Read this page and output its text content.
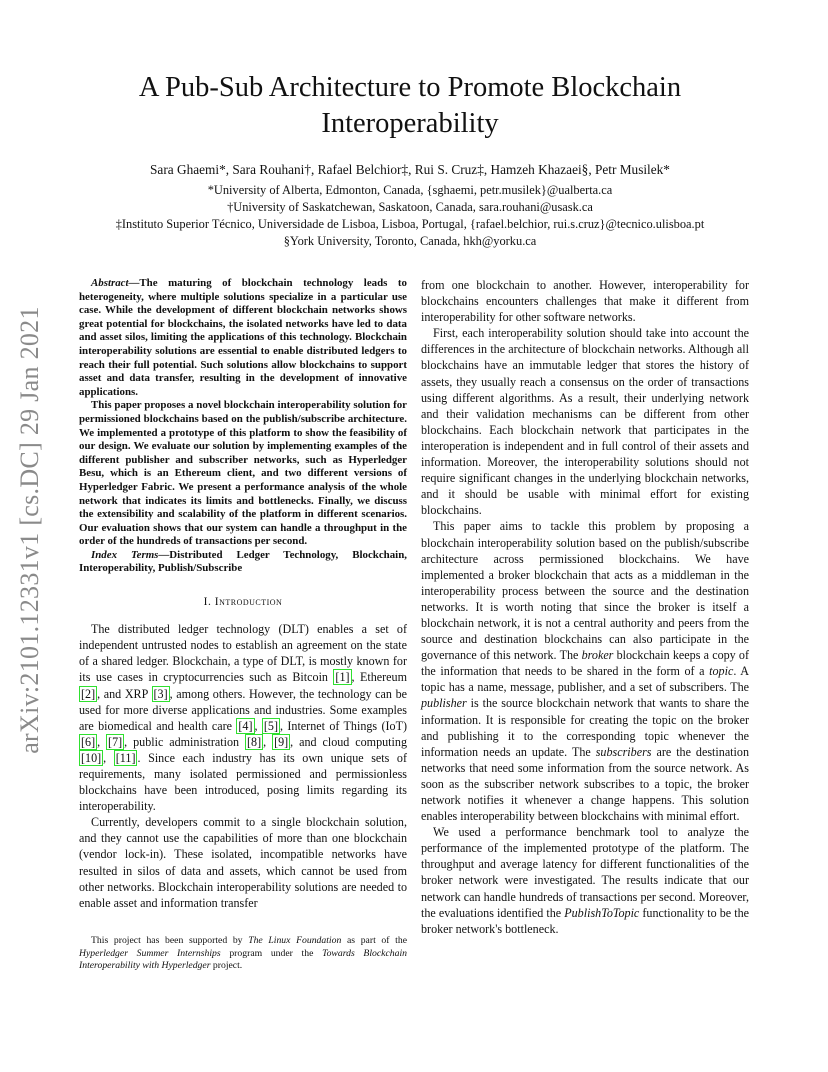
arXiv:2101.12331v1 [cs.DC] 29 Jan 2021
A Pub-Sub Architecture to Promote Blockchain Interoperability
Sara Ghaemi*, Sara Rouhani†, Rafael Belchior‡, Rui S. Cruz‡, Hamzeh Khazaei§, Petr Musilek*
*University of Alberta, Edmonton, Canada, {sghaemi, petr.musilek}@ualberta.ca
†University of Saskatchewan, Saskatoon, Canada, sara.rouhani@usask.ca
‡Instituto Superior Técnico, Universidade de Lisboa, Lisboa, Portugal, {rafael.belchior, rui.s.cruz}@tecnico.ulisboa.pt
§York University, Toronto, Canada, hkh@yorku.ca

Abstract—The maturing of blockchain technology leads to heterogeneity, where multiple solutions specialize in a particular use case. While the development of different blockchain networks shows great potential for blockchains, the isolated networks have led to data and asset silos, limiting the applications of this technology. Blockchain interoperability solutions are essential to enable distributed ledgers to reach their full potential. Such solutions allow blockchains to support asset and data transfer, resulting in the development of innovative applications.

This paper proposes a novel blockchain interoperability solution for permissioned blockchains based on the publish/subscribe architecture. We implemented a prototype of this platform to show the feasibility of our design. We evaluate our solution by implementing examples of the different publisher and subscriber networks, such as Hyperledger Besu, which is an Ethereum client, and two different versions of Hyperledger Fabric. We present a performance analysis of the whole network that indicates its limits and bottlenecks. Finally, we discuss the extensibility and scalability of the platform in different scenarios. Our evaluation shows that our system can handle a throughput in the order of the hundreds of transactions per second.

Index Terms—Distributed Ledger Technology, Blockchain, Interoperability, Publish/Subscribe

I. Introduction

The distributed ledger technology (DLT) enables a set of independent untrusted nodes to establish an agreement on the state of a shared ledger. Blockchain, a type of DLT, is mostly known for its use cases in cryptocurrencies such as Bitcoin [1] , Ethereum [2] , and XRP [3] , among others. However, the technology can be used for more diverse applications and industries. Some examples are biomedical and health care [4] , [5] , Internet of Things (IoT) [6] , [7] , public administration [8] , [9] , and cloud computing [10] , [11] . Since each industry has its own unique sets of requirements, many isolated permissioned and permissionless blockchains have been introduced, posing limits regarding its interoperability.

Currently, developers commit to a single blockchain solution, and they cannot use the capabilities of more than one blockchain (vendor lock-in). These isolated, incompatible networks have resulted in silos of data and assets, which cannot be used from other networks. Blockchain interoperability solutions are needed to enable asset and information transfer

This project has been supported by The Linux Foundation as part of the Hyperledger Summer Internships program under the Towards Blockchain Interoperability with Hyperledger project.

from one blockchain to another. However, interoperability for blockchains encounters challenges that make it different from interoperability for other software networks.

First, each interoperability solution should take into account the differences in the architecture of blockchain networks. Although all blockchains have an immutable ledger that stores the history of assets, they usually reach a consensus on the order of transactions using different algorithms. As a result, their underlying network and their validation mechanisms can be different from other blockchains. Each blockchain network that participates in the interoperation is independent and in full control of their assets and information. Moreover, the interoperability solutions should not require significant changes in the underlying blockchain networks, and it should be usable with minimal effort for existing blockchains.

This paper aims to tackle this problem by proposing a blockchain interoperability solution based on the publish/subscribe architecture across permissioned blockchains. We have implemented a broker blockchain that acts as a middleman in the interoperability process between the source and the destination networks. It is worth noting that since the broker is itself a blockchain network, it is not a central authority and peers from the source and destination blockchains can also participate in the governance of this network. The broker blockchain keeps a copy of the information that needs to be shared in the form of a topic. A topic has a name, message, publisher, and a set of subscribers. The publisher is the source blockchain network that wants to share the information. It is responsible for creating the topic on the broker and publishing it to the corresponding topic whenever the information needs an update. The subscribers are the destination networks that need some information from the source network. As soon as the subscriber network subscribes to a topic, the broker network notifies it whenever a change happens. This solution enables interoperability between blockchains with minimal effort.

We used a performance benchmark tool to analyze the performance of the implemented prototype of the platform. The throughput and average latency for different functionalities of the broker network were investigated. The results indicate that our network can handle hundreds of transactions per second. Moreover, the evaluations identified the PublishToTopic functionality to be the broker network's bottleneck.
